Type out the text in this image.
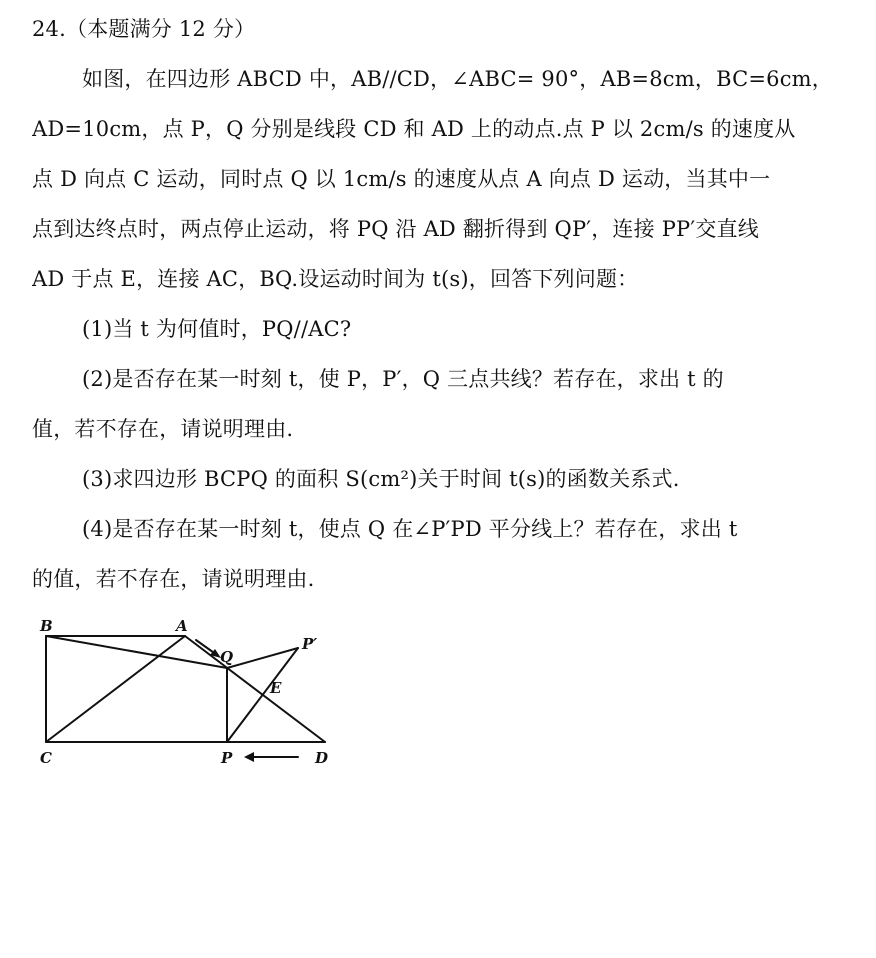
24.（本题满分 12 分）
如图，在四边形 ABCD 中，AB//CD，∠ABC= 90°，AB=8cm，BC=6cm，
AD=10cm，点 P，Q 分别是线段 CD 和 AD 上的动点.点 P 以 2cm/s 的速度从
点 D 向点 C 运动，同时点 Q 以 1cm/s 的速度从点 A 向点 D 运动，当其中一
点到达终点时，两点停止运动，将 PQ 沿 AD 翻折得到 QP′，连接 PP′交直线
AD 于点 E，连接 AC，BQ.设运动时间为 t(s)，回答下列问题：
(1)当 t 为何值时，PQ//AC?
(2)是否存在某一时刻 t，使 P，P′，Q 三点共线？若存在，求出 t 的
值，若不存在，请说明理由.
(3)求四边形 BCPQ 的面积 S(cm²)关于时间 t(s)的函数关系式.
(4)是否存在某一时刻 t，使点 Q 在∠P′PD 平分线上？若存在，求出 t
的值，若不存在，请说明理由.
B	A
Q
P′
E
C	P	D
